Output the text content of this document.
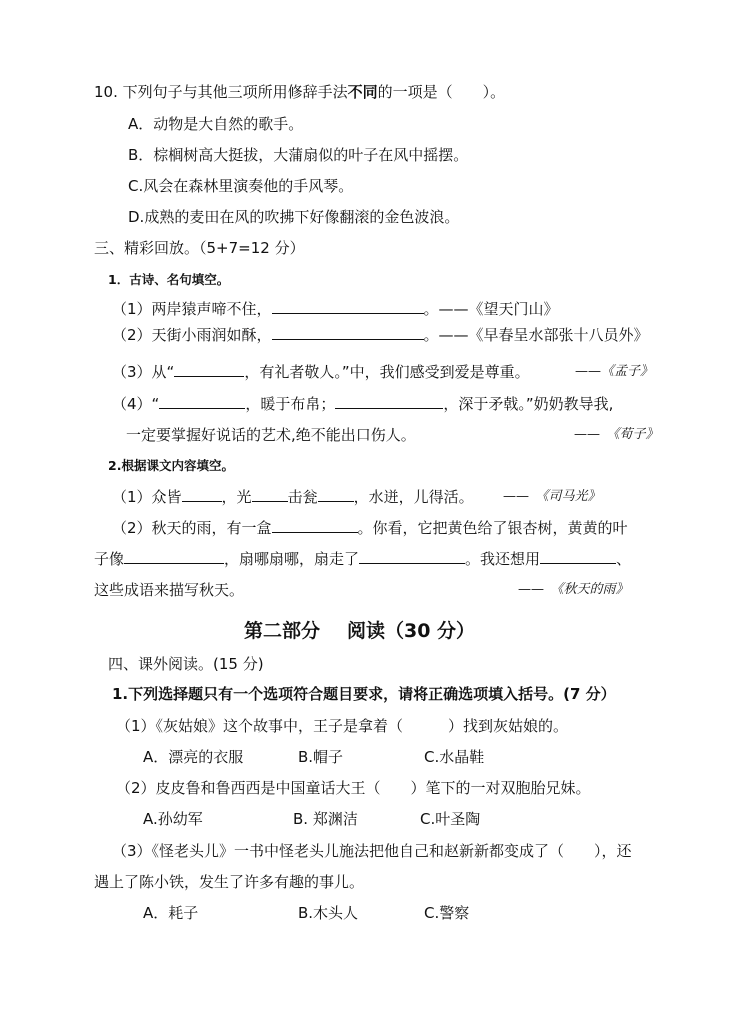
10. 下列句子与其他三项所用修辞手法不同的一项是（　　）。
A．动物是大自然的歌手。
B．棕榈树高大挺拔，大蒲扇似的叶子在风中摇摆。
C.风会在森林里演奏他的手风琴。
D.成熟的麦田在风的吹拂下好像翻滚的金色波浪。
三、精彩回放。（5+7=12 分）
1．古诗、名句填空。
（1）两岸猿声啼不住，	。——《望天门山》
（2）天街小雨润如酥，	。——《早春呈水部张十八员外》
（3）从“	，有礼者敬人。”中，我们感受到爱是尊重。	——《孟子》
（4）“	，暖于布帛；	，深于矛戟。”奶奶教导我,
一定要掌握好说话的艺术,绝不能出口伤人。	——　《荀子》
2.根据课文内容填空。
（1）众皆	，光 击瓮 ，水迸，儿得活。 ——　《司马光》
（2）秋天的雨，有一盒	。你看，它把黄色给了银杏树，黄黄的叶
子像	，扇哪扇哪，扇走了	。我还想用	、
这些成语来描写秋天。	——　《秋天的雨》
第二部分 阅读（30 分）
四、课外阅读。(15 分)
1.下列选择题只有一个选项符合题目要求，请将正确选项填入括号。(7 分）
（1）《灰姑娘》这个故事中，王子是拿着（　　　）找到灰姑娘的。
A．漂亮的衣服	B.帽子	C.水晶鞋
（2）皮皮鲁和鲁西西是中国童话大王（　　）笔下的一对双胞胎兄妹。
A.孙幼军	B. 郑渊洁	C.叶圣陶
（3）《怪老头儿》一书中怪老头儿施法把他自己和赵新新都变成了（　　），还
遇上了陈小铁，发生了许多有趣的事儿。
A．耗子	B.木头人	C.警察
